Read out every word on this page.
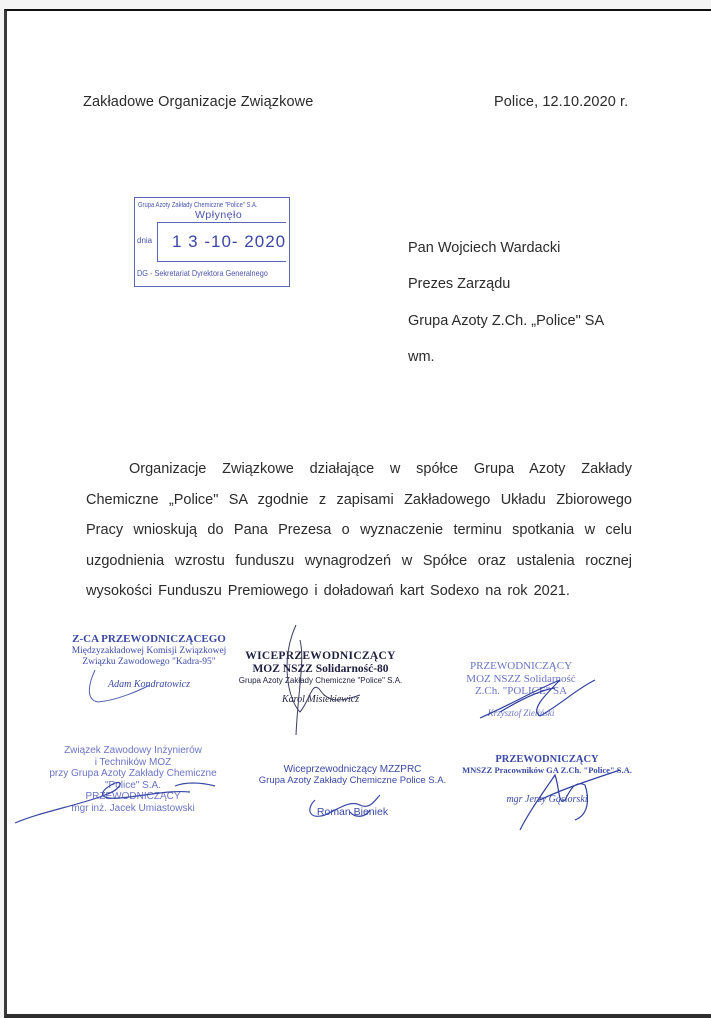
Zakładowe Organizacje Związkowe	Police, 12.10.2020 r.
Grupa Azoty Zakłady Chemiczne "Police" S.A.
Wpłynęło
dnia 1 3 -10- 2020
DG - Sekretariat Dyrektora Generalnego
Pan Wojciech Wardacki
Prezes Zarządu
Grupa Azoty Z.Ch. „Police" SA
wm.
Organizacje Związkowe działające w spółce Grupa Azoty Zakłady Chemiczne „Police" SA zgodnie z zapisami Zakładowego Układu Zbiorowego Pracy wnioskują do Pana Prezesa o wyznaczenie terminu spotkania w celu uzgodnienia wzrostu funduszu wynagrodzeń w Spółce oraz ustalenia rocznej wysokości Funduszu Premiowego i doładowań kart Sodexo na rok 2021.
Z-CA PRZEWODNICZĄCEGO
Międzyzakładowej Komisji Związkowej
Związku Zawodowego "Kadra-95"
Adam Kondratowicz
WICEPRZEWODNICZĄCY
MOZ NSZZ Solidarność-80
Grupa Azoty Zakłady Chemiczne "Police" S.A.
Karol Misiekiewicz
PRZEWODNICZĄCY
MOZ NSZZ Solidarność
Z.Ch. "POLICE" SA
Krzysztof Zieliński
Związek Zawodowy Inżynierów
i Techników MOZ
przy Grupa Azoty Zakłady Chemiczne
"Police" S.A.
PRZEWODNICZĄCY
mgr inż. Jacek Umiastowski
Wiceprzewodniczący MZZPRC
Grupa Azoty Zakłady Chemiczne Police S.A.
Roman Bieniek
PRZEWODNICZĄCY
MNSZZ Pracowników GA Z.Ch. "Police" S.A.
mgr Jerzy Gąsiorski
